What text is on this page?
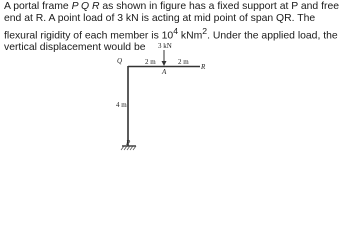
A portal frame P Q R as shown in figure has a fixed support at P and free end at R. A point load of 3 kN is acting at mid point of span QR. The flexural rigidity of each member is $10^4$ kNm$^2$. Under the applied load, the vertical displacement would be	3 kN
2 m	2 m
R
A
Q
4 m
P
